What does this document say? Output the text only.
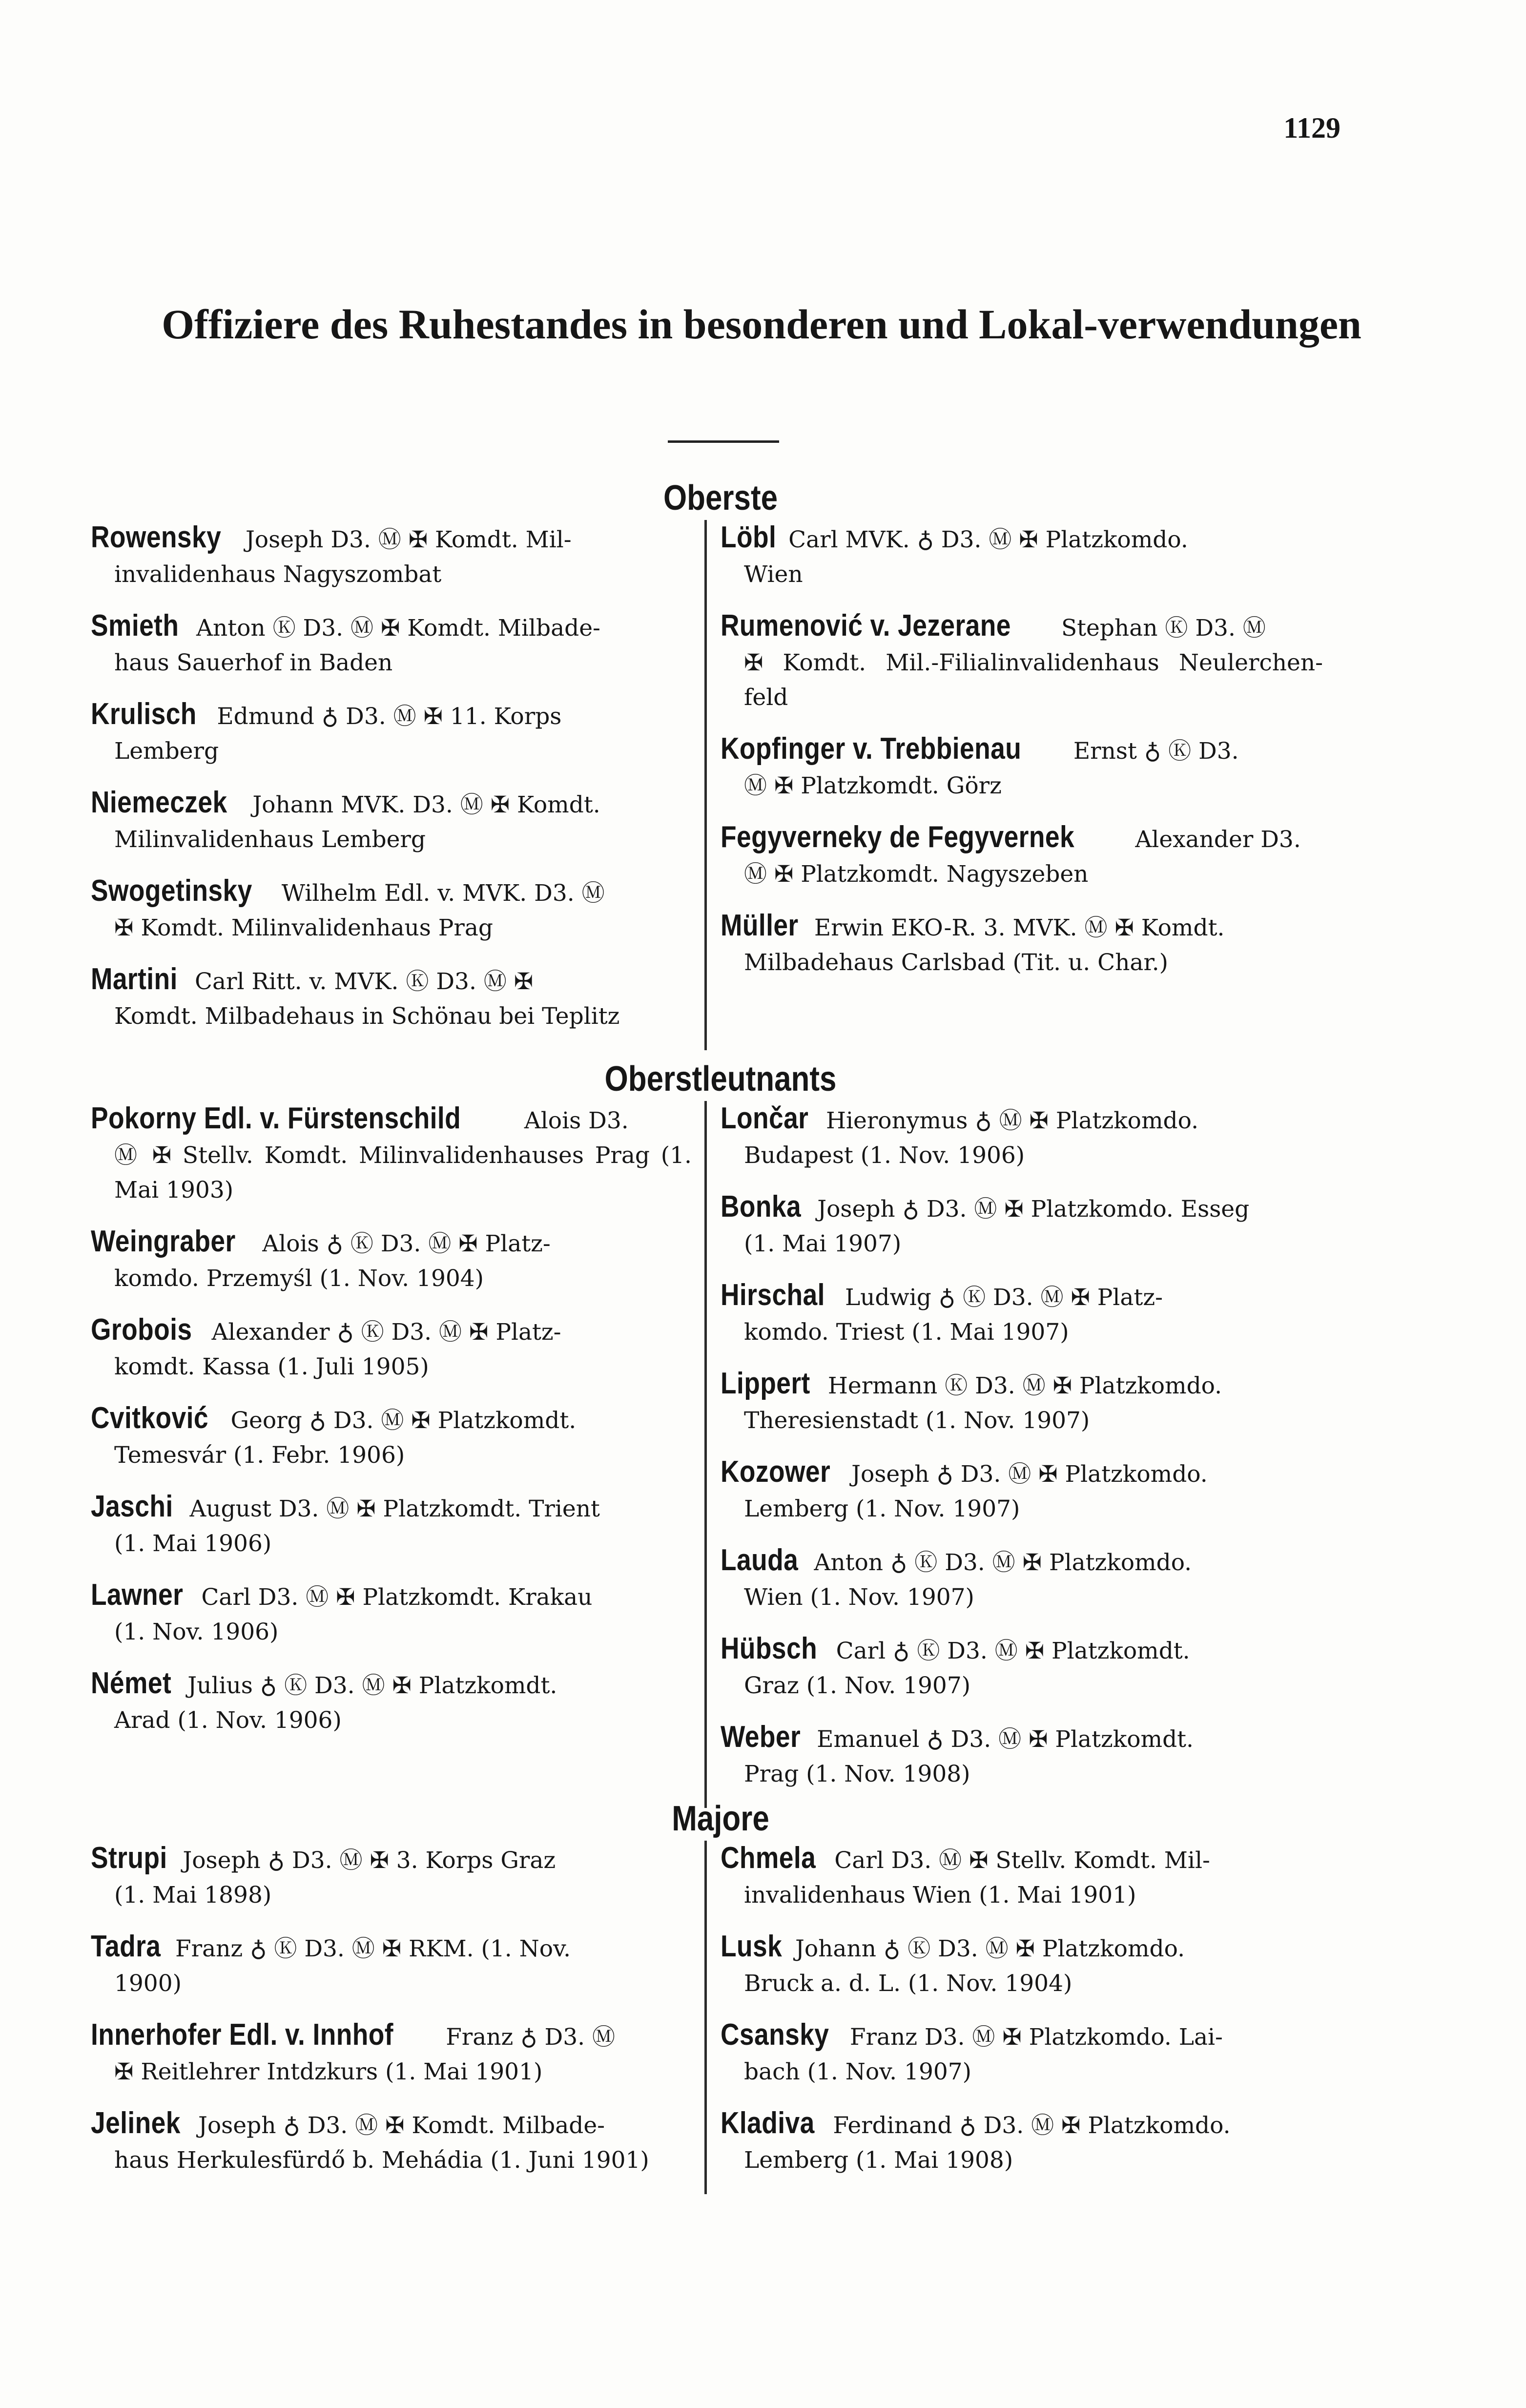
1129
Offiziere des Ruhestandes in besonderen und Lokal-verwendungen
Oberste
Rowensky Joseph D3. Ⓜ ✠ Komdt. Mil-
invalidenhaus Nagyszombat
Smieth Anton Ⓚ D3. Ⓜ ✠ Komdt. Milbade-
haus Sauerhof in Baden
Krulisch Edmund ♁ D3. Ⓜ ✠ 11. Korps
Lemberg
Niemeczek Johann MVK. D3. Ⓜ ✠ Komdt.
Milinvalidenhaus Lemberg
Swogetinsky Wilhelm Edl. v. MVK. D3. Ⓜ
✠ Komdt. Milinvalidenhaus Prag
Martini Carl Ritt. v. MVK. Ⓚ D3. Ⓜ ✠
Komdt. Milbadehaus in Schönau bei Teplitz
Löbl Carl MVK. ♁ D3. Ⓜ ✠ Platzkomdo.
Wien
Rumenović v. Jezerane Stephan Ⓚ D3. Ⓜ
✠ Komdt. Mil.-Filialinvalidenhaus Neulerchen-feld
Kopfinger v. Trebbienau Ernst ♁ Ⓚ D3.
Ⓜ ✠ Platzkomdt. Görz
Fegyverneky de Fegyvernek	Alexander D3.
Ⓜ ✠ Platzkomdt. Nagyszeben
Müller Erwin EKO-R. 3. MVK. Ⓜ ✠ Komdt.
Milbadehaus Carlsbad (Tit. u. Char.)
Oberstleutnants
Pokorny Edl. v. Fürstenschild	Alois D3.
Ⓜ ✠ Stellv. Komdt. Milinvalidenhauses Prag (1. Mai 1903)
Weingraber Alois ♁ Ⓚ D3. Ⓜ ✠ Platz-
komdo. Przemyśl (1. Nov. 1904)
Grobois Alexander ♁ Ⓚ D3. Ⓜ ✠ Platz-
komdt. Kassa (1. Juli 1905)
Cvitković Georg ♁ D3. Ⓜ ✠ Platzkomdt.
Temesvár (1. Febr. 1906)
Jaschi August D3. Ⓜ ✠ Platzkomdt. Trient
(1. Mai 1906)
Lawner Carl D3. Ⓜ ✠ Platzkomdt. Krakau
(1. Nov. 1906)
Német Julius ♁ Ⓚ D3. Ⓜ ✠ Platzkomdt.
Arad (1. Nov. 1906)
Lončar Hieronymus ♁ Ⓜ ✠ Platzkomdo.
Budapest (1. Nov. 1906)
Bonka Joseph ♁ D3. Ⓜ ✠ Platzkomdo. Esseg
(1. Mai 1907)
Hirschal Ludwig ♁ Ⓚ D3. Ⓜ ✠ Platz-
komdo. Triest (1. Mai 1907)
Lippert Hermann Ⓚ D3. Ⓜ ✠ Platzkomdo.
Theresienstadt (1. Nov. 1907)
Kozower Joseph ♁ D3. Ⓜ ✠ Platzkomdo.
Lemberg (1. Nov. 1907)
Lauda Anton ♁ Ⓚ D3. Ⓜ ✠ Platzkomdo.
Wien (1. Nov. 1907)
Hübsch Carl ♁ Ⓚ D3. Ⓜ ✠ Platzkomdt.
Graz (1. Nov. 1907)
Weber Emanuel ♁ D3. Ⓜ ✠ Platzkomdt.
Prag (1. Nov. 1908)
Majore
Strupi Joseph ♁ D3. Ⓜ ✠ 3. Korps Graz
(1. Mai 1898)
Tadra Franz ♁ Ⓚ D3. Ⓜ ✠ RKM. (1. Nov.
1900)
Innerhofer Edl. v. Innhof Franz ♁ D3. Ⓜ
✠ Reitlehrer Intdzkurs (1. Mai 1901)
Jelinek Joseph ♁ D3. Ⓜ ✠ Komdt. Milbade-
haus Herkulesfürdő b. Mehádia (1. Juni 1901)
Chmela Carl D3. Ⓜ ✠ Stellv. Komdt. Mil-
invalidenhaus Wien (1. Mai 1901)
Lusk Johann ♁ Ⓚ D3. Ⓜ ✠ Platzkomdo.
Bruck a. d. L. (1. Nov. 1904)
Csansky Franz D3. Ⓜ ✠ Platzkomdo. Lai-
bach (1. Nov. 1907)
Kladiva Ferdinand ♁ D3. Ⓜ ✠ Platzkomdo.
Lemberg (1. Mai 1908)
